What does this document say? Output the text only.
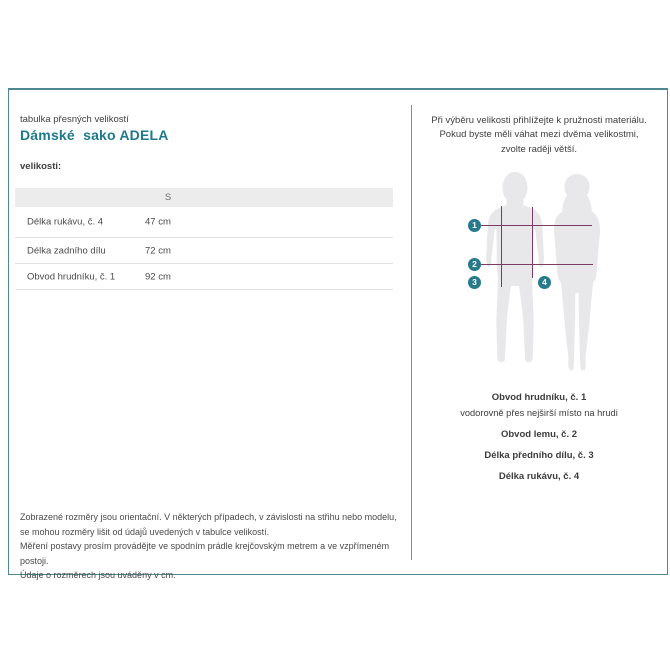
tabulka přesných velikostí
Dámské  sako ADELA
velikosti:
S
Délka rukávu, č. 4	47 cm
Délka zadního dílu	72 cm
Obvod hrudníku, č. 1	92 cm
Zobrazené rozměry jsou orientační. V některých případech, v závislosti na střihu nebo modelu,
se mohou rozměry lišit od údajů uvedených v tabulce velikostí.
Měření postavy prosím provádějte ve spodním prádle krejčovským metrem a ve vzpřímeném postoji.
Údaje o rozměrech jsou uváděny v cm.
Při výběru velikosti přihlížejte k pružnosti materiálu.
Pokud byste měli váhat mezi dvěma velikostmi,
zvolte raději větší.
1
2
3	4
Obvod hrudníku, č. 1
vodorovně přes nejširší místo na hrudi
Obvod lemu, č. 2
Délka předního dílu, č. 3
Délka rukávu, č. 4
